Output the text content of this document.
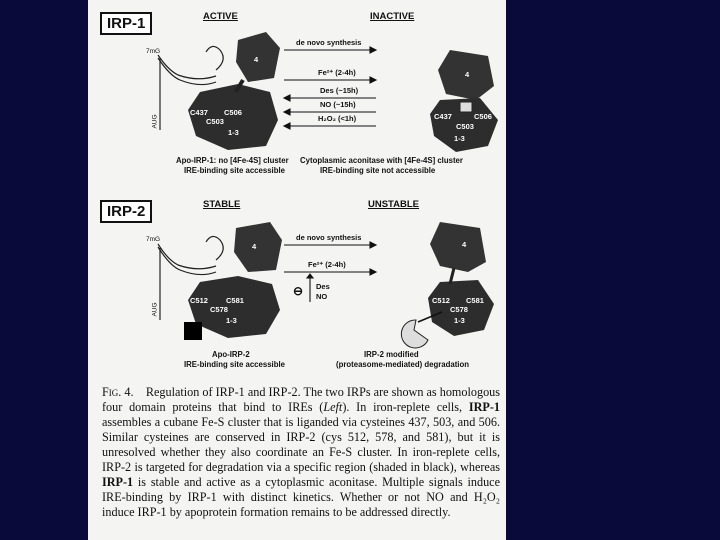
IRP-1	ACTIVE	INACTIVE
de novo synthesis
Fe²⁺ (2-4h)
Des (~15h)
NO (~15h)
H₂O₂ (<1h)
4
1-3
C437 C506
C503
4
1-3
C437	C506
C503
7mG
AUG
Apo-IRP-1: no [4Fe-4S] cluster
IRE-binding site accessible
Cytoplasmic aconitase with [4Fe-4S] cluster
IRE-binding site not accessible
IRP-2	STABLE	UNSTABLE
de novo synthesis
Fe²⁺ (2-4h)
Des
NO
⊖
4
1-3
C512 C581
C578
4
1-3
C512 C581
C578
7mG
AUG
Apo-IRP-2
IRE-binding site accessible
IRP-2 modified
(proteasome-mediated) degradation

Fig. 4. Regulation of IRP-1 and IRP-2. The two IRPs are shown as homologous four domain proteins that bind to IREs (Left). In iron-replete cells, IRP-1 assembles a cubane Fe-S cluster that is liganded via cysteines 437, 503, and 506. Similar cysteines are conserved in IRP-2 (cys 512, 578, and 581), but it is unresolved whether they also coordinate an Fe-S cluster. In iron-replete cells, IRP-2 is targeted for degradation via a specific region (shaded in black), whereas IRP-1 is stable and active as a cytoplasmic aconitase. Multiple signals induce IRE-binding by IRP-1 with distinct kinetics. Whether or not NO and H₂O₂ induce IRP-1 by apoprotein formation remains to be addressed directly.
